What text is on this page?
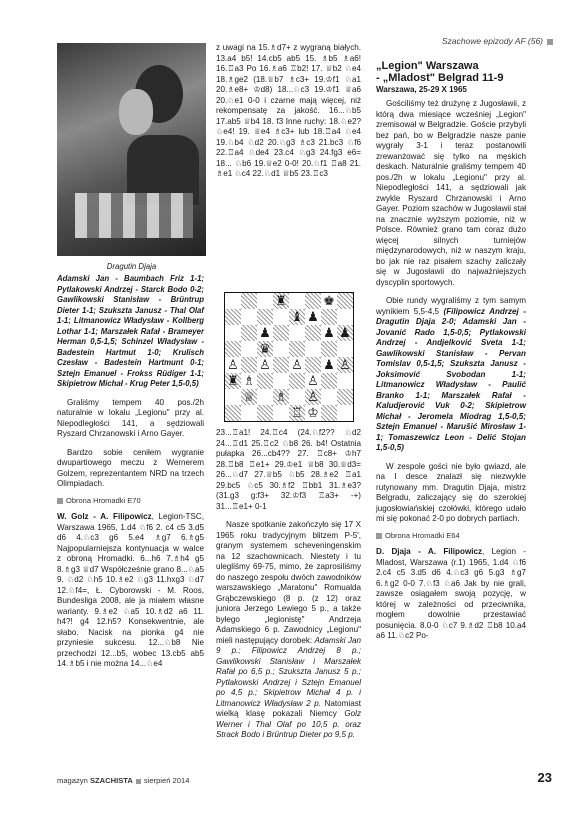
Szachowe epizody AF (56)
Dragutin Djaja

Adamski Jan - Baumbach Friz 1-1; Pytlakowski Andrzej - Starck Bodo 0-2; Gawlikowski Stanisław - Brüntrup Dieter 1-1; Szukszta Janusz - Thal Olaf 1-1; Litmanowicz Władysław - Kollberg Lothar 1-1; Marszałek Rafał - Brameyer Herman 0,5-1,5; Schinzel Władysław - Badestein Hartmut 1-0; Krulisch Czesław - Badestein Hartmunt 0-1; Sztejn Emanuel - Frokss Rüdiger 1-1; Skipietrow Michał - Krug Peter 1,5-0,5)

Graliśmy tempem 40 pos./2h naturalnie w lokalu „Legionu" przy al. Niepodległości 141, a sędziowali Ryszard Chrzanowski i Arno Gayer.

Bardzo sobie ceniłem wygranie dwupartiowego meczu z Wernerem Golzem, reprezentantem NRD na trzech Olimpiadach.

Obrona Hromadki E70

W. Golz - A. Filipowicz, Legion-TSC, Warszawa 1965, 1.d4 ♘f6 2. c4 c5 3.d5 d6 4.♘c3 g6 5.e4 ♗g7 6.♗g5 Najpopularniejsza kontynuacja w walce z obroną Hromadki. 6...h6 7.♗h4 g5 8.♗g3 ♕d7 Współcześnie grano 8...♘a5 9. ♘d2 ♘h5 10.♗e2 ♘g3 11.hxg3 ♘d7 12.♘f4=, Ł. Cyborowski - M. Roos, Bundesliga 2008, ale ja miałem własne warianty. 9.♗e2 ♘a5 10.♗d2 a6 11. h4?! g4 12.h5? Konsekwentnie, ale słabo. Nacisk na pionka g4 nie przyniesie sukcesu. 12...♘b8 Nie przechodzi 12...b5, wobec 13.cb5 ab5 14.♗b5 i nie można 14...♘e4

z uwagi na 15.♗d7+ z wygraną białych. 13.a4 b5! 14.cb5 ab5 15. ♗b5 ♗a6! 16.♖a3 Po 16.♗a6 ♖b2! 17. ♕b2 ♘e4 18.♗ge2 (18.♕b7 ♗c3+ 19.♔f1 ♘a1 20.♗e8+ ♔d8) 18...♘c3 19.♔f1 ♕a6 20.♘e1 0-0 i czarne mają więcej, niż rekompensatę za jakość. 16...♘b5 17.ab5 ♕b4 18. f3 Inne ruchy: 18.♘e2? ♘e4! 19. ♕e4 ♗c3+ lub 18.♖a4 ♘e4 19.♘b4 ♘d2 20.♘g3 ♗c3 21.bc3 ♘f6 22.♖a4 ♘de4 23.c4 ♘g3 24.fg3 e6= 18... ♘b6 19.♕e2 0-0! 20.♘f1 ♖a8 21. ♗e1 ♘c4 22.♘d1 ♕b5 23.♖c3

♜	♚
♝ ♟
♟	♟ ♟
♛
♙ ♙ ♙ ♟ ♙
♜ ♗	♙
♕ ♗ ♙
♖ ♔

23...♖a1! 24.♖c4 (24.♘f2?? ♘d2 24...♖d1 25.♖c2 ♘b8 26. b4! Ostatnia pułapka 26...cb4?? 27. ♖c8+ ♔h7 28.♖b8 ♖e1+ 29.♔e1 ♕b8 30.♕d3= 26...♘d7 27.♕b5 ♘b5 28.♗e2 ♖a1 29.bc5 ♘c5 30.♗f2 ♖bb1 31.♗e3? (31.g3 g:f3+ 32.♔f3 ♖a3+ -+) 31...♖e1+ 0-1

Nasze spotkanie zakończyło się 17 X 1965 roku tradycyjnym blitzem P-5', granym systemem scheveningenskim na 12 szachownicach. Niestety i tu ulegliśmy 69-75, mimo, że zaprosiliśmy do naszego zespołu dwóch zawodników warszawskiego „Maratonu" Romualda Grąbczewskiego (8 p. (z 12) oraz juniora Jerzego Lewiego 5 p., a także byłego „legionistę" Andrzeja Adamskiego 6 p. Zawodnicy „Legionu" mieli następujący dorobek: Adamski Jan 9 p.; Filipowicz Andrzej 8 p.; Gawlikowski Stanisław i Marszałek Rafał po 6,5 p.; Szukszta Janusz 5 p.; Pytlakowski Andrzej i Sztejn Emanuel po 4,5 p.; Skipietrow Michał 4 p. i Litmanowicz Władysław 2 p. Natomiast wielką klasę pokazali Niemcy Golz Werner i Thal Olaf po 10,5 p. oraz Strack Bodo i Brüntrup Dieter po 9,5 p.

„Legion" Warszawa
- „Mladost" Belgrad 11-9
Warszawa, 25-29 X 1965

Gościliśmy też drużynę z Jugosławii, z którą dwa miesiące wcześniej „Legion" zremisował w Belgradzie. Goście przybyli bez pań, bo w Belgradzie nasze panie wygrały 3-1 i teraz postanowili zrewanżować się tylko na męskich deskach. Naturalnie graliśmy tempem 40 pos./2h w lokalu „Legionu" przy al. Niepodległości 141, a sędziowali jak zwykle Ryszard Chrzanowski i Arno Gayer. Poziom szachów w Jugosławii stał na znacznie wyższym poziomie, niż w Polsce. Również grano tam coraz dużo więcej silnych turniejów międzynarodowych, niż w naszym kraju, bo jak nie raz pisałem szachy zaliczały się w Jugosławii do najważniejszych dyscyplin sportowych.

Obie rundy wygraliśmy z tym samym wynikiem 5,5-4,5 (Filipowicz Andrzej - Dragutin Djaja 2-0; Adamski Jan - Jovanić Rado 1,5-0,5; Pytlakowski Andrzej - Andjelković Sveta 1-1; Gawlikowski Stanisław - Pervan Tomislav 0,5-1,5; Szukszta Janusz - Joksimović Svobodan 1-1; Litmanowicz Władysław - Paulić Branko 1-1; Marszałek Rafał - Kaludjerović Vuk 0-2; Skipietrow Michał - Jeromela Miodrag 1,5-0,5; Sztejn Emanuel - Marušić Mirosław 1-1; Tomaszewicz Leon - Delić Stojan 1,5-0,5)

W zespole gości nie było gwiazd, ale na I desce znalazł się niezwykle rutynowany mm. Dragutin Djaja, mistrz Belgradu, zaliczający się do szerokiej jugosłowiańskiej czołówki, którego udało mi się pokonać 2-0 po dobrych partiach.

Obrona Hromadki E64

D. Djaja - A. Filipowicz, Legion - Mladost, Warszawa (r.1) 1965, 1.d4 ♘f6 2.c4 c5 3.d5 d6 4.♘c3 g6 5.g3 ♗g7 6.♗g2 0-0 7.♘f3 ♘a6 Jak by nie grali, zawsze osiągałem swoją pozycję, w której w zależności od przeciwnika, mogłem dowolnie przestawiać posunięcia. 8.0-0 ♘c7 9.♗d2 ♖b8 10.a4 a6 11.♘c2 Po-

magazyn SZACHISTA sierpień 2014	23
